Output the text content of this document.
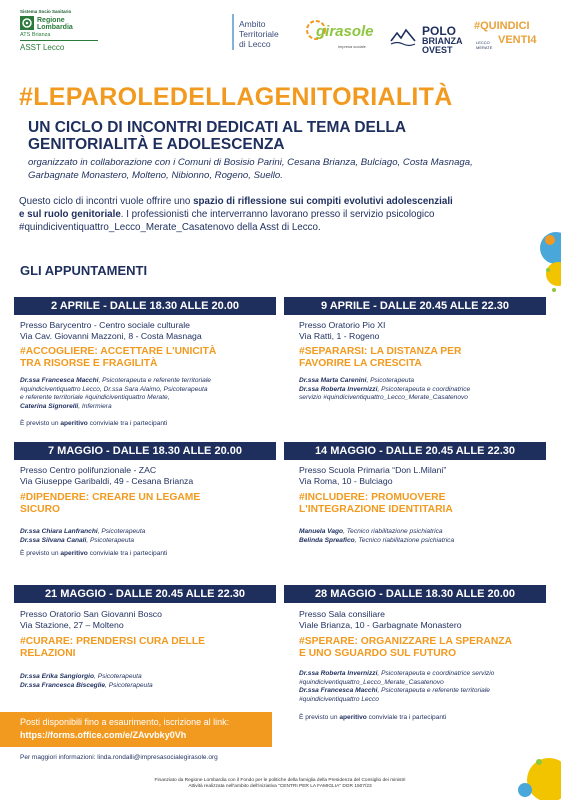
Sistema Socio Sanitario
Regione Lombardia
ATS Brianza
ASST Lecco
Ambito
Territoriale
di Lecco
girasole
impresa sociale
POLO
BRIANZA
OVEST
#QUINDICI
VENTI4
LECCO MERATE
#LEPAROLEDELLAGENITORIALITÀ
UN CICLO DI INCONTRI DEDICATI AL TEMA DELLA
GENITORIALITÀ E ADOLESCENZA
organizzato in collaborazione con i Comuni di Bosisio Parini, Cesana Brianza, Bulciago, Costa Masnaga,
Garbagnate Monastero, Molteno, Nibionno, Rogeno, Suello.
Questo ciclo di incontri vuole offrire uno spazio di riflessione sui compiti evolutivi adolescenziali
e sul ruolo genitoriale. I professionisti che interverranno lavorano presso il servizio psicologico
#quindiciventiquattro_Lecco_Merate_Casatenovo della Asst di Lecco.
GLI APPUNTAMENTI
2 APRILE - DALLE 18.30 ALLE 20.00
Presso Barycentro - Centro sociale culturale
Via Cav. Giovanni Mazzoni, 8 - Costa Masnaga
#ACCOGLIERE: ACCETTARE L'UNICITÀ
TRA RISORSE E FRAGILITÀ
Dr.ssa Francesca Macchi, Psicoterapeuta e referente territoriale
#quindiciventiquattro Lecco, Dr.ssa Sara Alaimo, Psicoterapeuta
e referente territoriale #quindiciventiquattro Merate,
Caterina Signorelli, Infermiera
È previsto un aperitivo conviviale tra i partecipanti
9 APRILE - DALLE 20.45 ALLE 22.30
Presso Oratorio Pio XI
Via Ratti, 1 - Rogeno
#SEPARARSI: LA DISTANZA PER
FAVORIRE LA CRESCITA
Dr.ssa Marta Carenini, Psicoterapeuta
Dr.ssa Roberta Invernizzi, Psicoterapeuta e coordinatrice
servizio #quindiciventiquattro_Lecco_Merate_Casatenovo
7 MAGGIO - DALLE 18.30 ALLE 20.00
Presso Centro polifunzionale - ZAC
Via Giuseppe Garibaldi, 49 - Cesana Brianza
#DIPENDERE: CREARE UN LEGAME
SICURO
Dr.ssa Chiara Lanfranchi, Psicoterapeuta
Dr.ssa Silvana Canali, Psicoterapeuta
È previsto un aperitivo conviviale tra i partecipanti
14 MAGGIO - DALLE 20.45 ALLE 22.30
Presso Scuola Primaria “Don L.Milani”
Via Roma, 10 - Bulciago
#INCLUDERE: PROMUOVERE
L'INTEGRAZIONE IDENTITARIA
Manuela Vago, Tecnico riabilitazione psichiatrica
Belinda Spreafico, Tecnico riabilitazione psichiatrica
21 MAGGIO - DALLE 20.45 ALLE 22.30
Presso Oratorio San Giovanni Bosco
Via Stazione, 27 – Molteno
#CURARE: PRENDERSI CURA DELLE
RELAZIONI
Dr.ssa Erika Sangiorgio, Psicoterapeuta
Dr.ssa Francesca Bisceglie, Psicoterapeuta
28 MAGGIO - DALLE 18.30 ALLE 20.00
Presso Sala consiliare
Viale Brianza, 10 - Garbagnate Monastero
#SPERARE: ORGANIZZARE LA SPERANZA
E UNO SGUARDO SUL FUTURO
Dr.ssa Roberta Invernizzi, Psicoterapeuta e coordinatrice servizio
#quindiciventiquattro_Lecco_Merate_Casatenovo
Dr.ssa Francesca Macchi, Psicoterapeuta e referente territoriale
#quindiciventiquattro Lecco
È previsto un aperitivo conviviale tra i partecipanti
Posti disponibili fino a esaurimento, iscrizione al link:
https://forms.office.com/e/ZAvvbky0Vh
Per maggiori informazioni: linda.rondalli@impresasocialegirasole.org
Finanziato da Regione Lombardia con il Fondo per le politiche della famiglia della Presidenza del Consiglio dei ministri
Attività realizzata nell'ambito dell'iniziativa "CENTRI PER LA FAMIGLIA" DGR 1507/23
